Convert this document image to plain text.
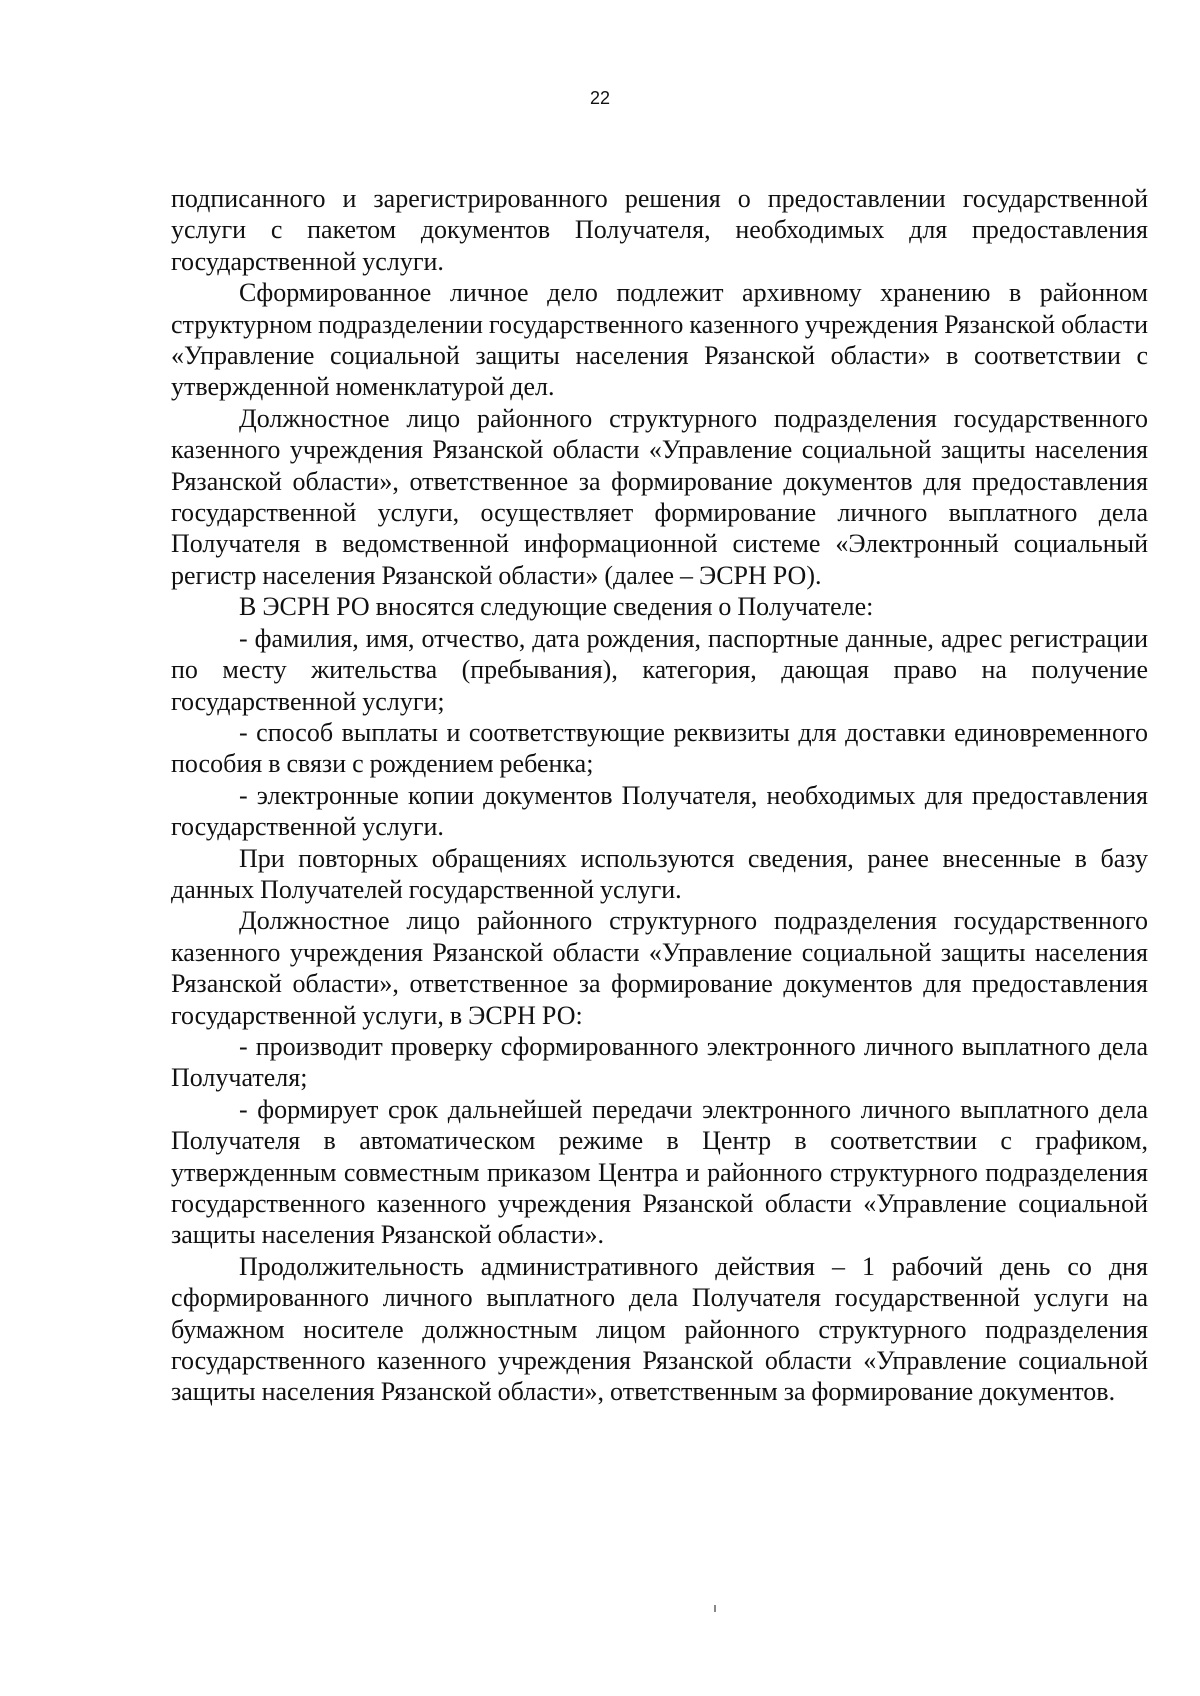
22

подписанного и зарегистрированного решения о предоставлении государственной услуги с пакетом документов Получателя, необходимых для предоставления государственной услуги.

Сформированное личное дело подлежит архивному хранению в районном структурном подразделении государственного казенного учреждения Рязанской области «Управление социальной защиты населения Рязанской области» в соответствии с утвержденной номенклатурой дел.

Должностное лицо районного структурного подразделения государственного казенного учреждения Рязанской области «Управление социальной защиты населения Рязанской области», ответственное за формирование документов для предоставления государственной услуги, осуществляет формирование личного выплатного дела Получателя в ведомственной информационной системе «Электронный социальный регистр населения Рязанской области» (далее – ЭСРН РО).

В ЭСРН РО вносятся следующие сведения о Получателе:

- фамилия, имя, отчество, дата рождения, паспортные данные, адрес регистрации по месту жительства (пребывания), категория, дающая право на получение государственной услуги;

- способ выплаты и соответствующие реквизиты для доставки единовременного пособия в связи с рождением ребенка;

- электронные копии документов Получателя, необходимых для предоставления государственной услуги.

При повторных обращениях используются сведения, ранее внесенные в базу данных Получателей государственной услуги.

Должностное лицо районного структурного подразделения государственного казенного учреждения Рязанской области «Управление социальной защиты населения Рязанской области», ответственное за формирование документов для предоставления государственной услуги, в ЭСРН РО:

- производит проверку сформированного электронного личного выплатного дела Получателя;

- формирует срок дальнейшей передачи электронного личного выплатного дела Получателя в автоматическом режиме в Центр в соответствии с графиком, утвержденным совместным приказом Центра и районного структурного подразделения государственного казенного учреждения Рязанской области «Управление социальной защиты населения Рязанской области».

Продолжительность административного действия – 1 рабочий день со дня сформированного личного выплатного дела Получателя государственной услуги на бумажном носителе должностным лицом районного структурного подразделения государственного казенного учреждения Рязанской области «Управление социальной защиты населения Рязанской области», ответственным за формирование документов.
